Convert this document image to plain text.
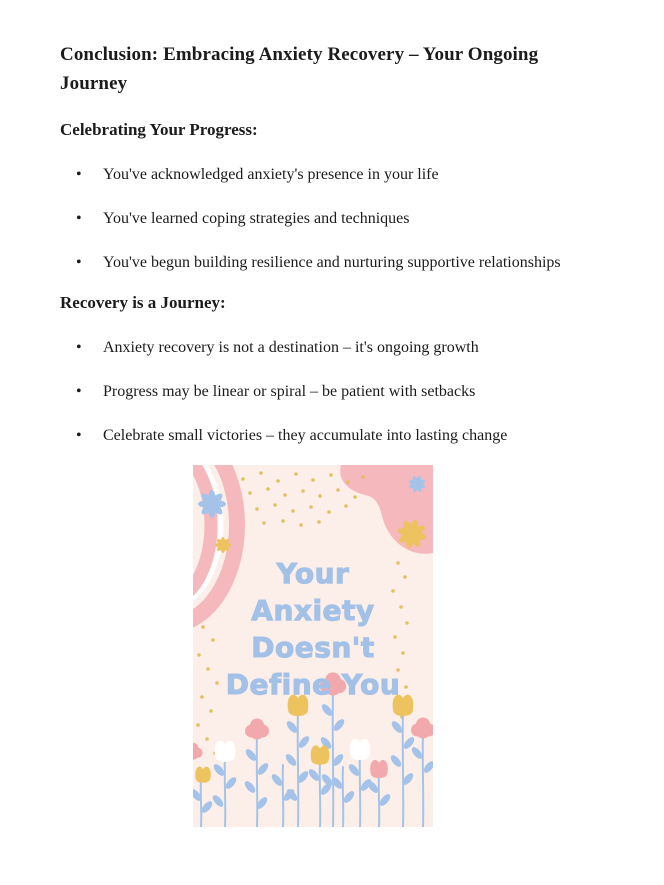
Conclusion: Embracing Anxiety Recovery – Your Ongoing Journey
Celebrating Your Progress:
• You've acknowledged anxiety's presence in your life
• You've learned coping strategies and techniques
• You've begun building resilience and nurturing supportive relationships
Recovery is a Journey:
• Anxiety recovery is not a destination – it's ongoing growth
• Progress may be linear or spiral – be patient with setbacks
• Celebrate small victories – they accumulate into lasting change
Your
Anxiety
Doesn't
Define You
